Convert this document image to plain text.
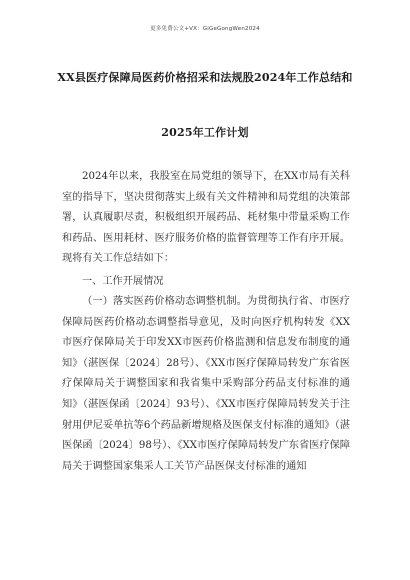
更多免费公文+VX：GiGeGongWen2024
XX县医疗保障局医药价格招采和法规股2024年工作总结和
2025年工作计划
2024年以来，我股室在局党组的领导下，在XX市局有关科室的指导下，坚决贯彻落实上级有关文件精神和局党组的决策部署，认真履职尽责，积极组织开展药品、耗材集中带量采购工作和药品、医用耗材、医疗服务价格的监督管理等工作有序开展。现将有关工作总结如下：
一、工作开展情况
（一）落实医药价格动态调整机制。为贯彻执行省、市医疗保障局医药价格动态调整指导意见，及时向医疗机构转发《XX市医疗保障局关于印发XX市医药价格监测和信息发布制度的通知》（湛医保〔2024〕28号）、《XX市医疗保障局转发广东省医疗保障局关于调整国家和我省集中采购部分药品支付标准的通知》（湛医保函〔2024〕93号）、《XX市医疗保障局转发关于注射用伊尼妥单抗等6个药品新增规格及医保支付标准的通知》（湛医保函〔2024〕98号）、《XX市医疗保障局转发广东省医疗保障局关于调整国家集采人工关节产品医保支付标准的通知
